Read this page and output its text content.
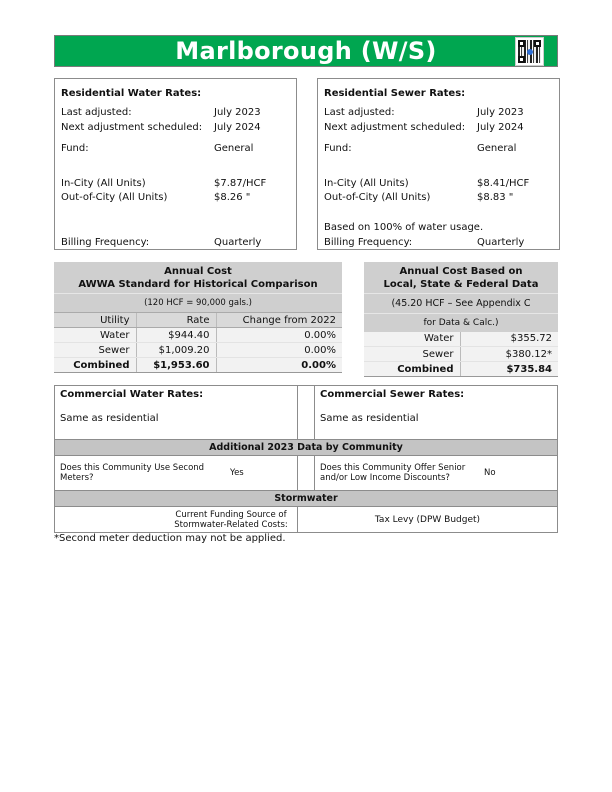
Marlborough (W/S)
Residential Water Rates:
Last adjusted:	July 2023
Next adjustment scheduled: July 2024
Fund:	General
In-City (All Units)	$7.87/HCF
Out-of-City (All Units)	$8.26 "
Billing Frequency:	Quarterly
Residential Sewer Rates:
Last adjusted:	July 2023
Next adjustment scheduled: July 2024
Fund:	General
In-City (All Units)	$8.41/HCF
Out-of-City (All Units)	$8.83 "
Based on 100% of water usage.
Billing Frequency:	Quarterly
Annual Cost
AWWA Standard for Historical Comparison		

(120 HCF = 90,000 gals.)		
Utility	Rate	Change from 2022
Water	$944.40	0.00%
Sewer	$1,009.20	0.00%
Combined	$1,953.60	0.00%
Annual Cost Based on
Local, State & Federal Data	

(45.20 HCF – See Appendix C	
for Data & Calc.)	
Water	$355.72
Sewer	$380.12*
Combined	$735.84
Commercial Water Rates:
Same as residential

Commercial Sewer Rates:
Same as residential

Additional 2023 Data by Community		

Does this Community Use Second Meters? Yes		Does this Community Offer Senior and/or Low Income Discounts? No

Stormwater		

Current Funding Source of Stormwater-Related Costs:	Tax Levy (DPW Budget)	
*Second meter deduction may not be applied.
